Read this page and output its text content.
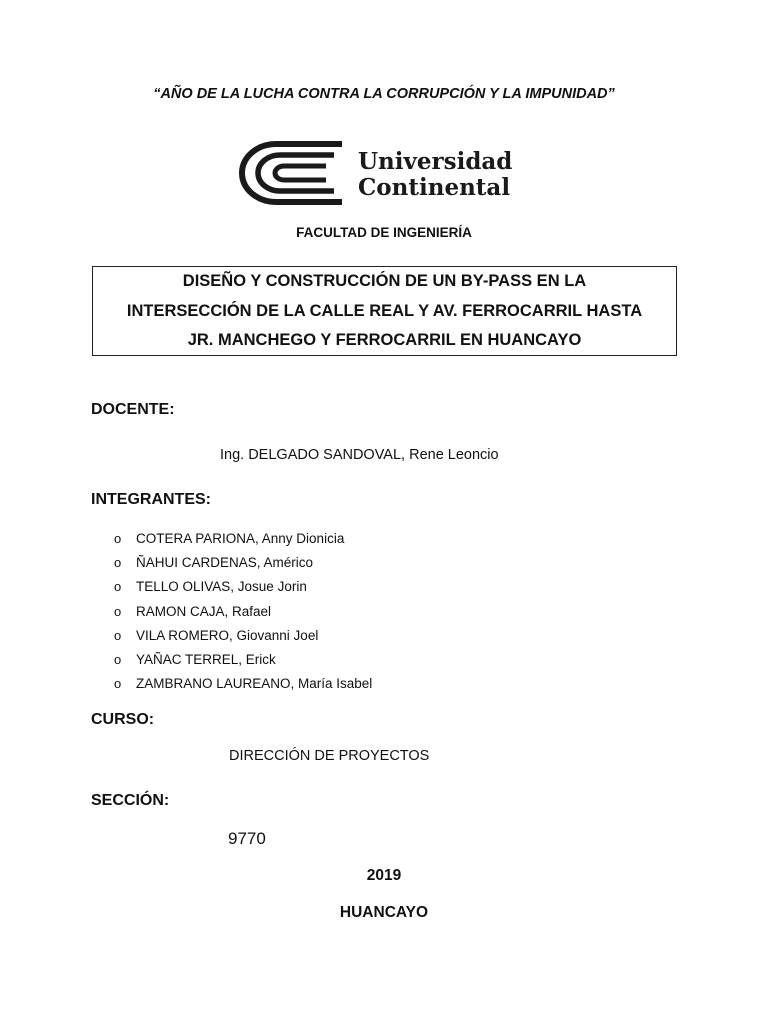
“AÑO DE LA LUCHA CONTRA LA CORRUPCIÓN Y LA IMPUNIDAD”
Universidad
Continental
FACULTAD DE INGENIERÍA
DISEÑO Y CONSTRUCCIÓN DE UN BY-PASS EN LA
INTERSECCIÓN DE LA CALLE REAL Y AV. FERROCARRIL HASTA
JR. MANCHEGO Y FERROCARRIL EN HUANCAYO
DOCENTE:
Ing. DELGADO SANDOVAL, Rene Leoncio
INTEGRANTES:
o COTERA PARIONA, Anny Dionicia
o ÑAHUI CARDENAS, Américo
o TELLO OLIVAS, Josue Jorin
o RAMON CAJA, Rafael
o VILA ROMERO, Giovanni Joel
o YAÑAC TERREL, Erick
o ZAMBRANO LAUREANO, María Isabel
CURSO:
DIRECCIÓN DE PROYECTOS
SECCIÓN:
9770
2019
HUANCAYO
